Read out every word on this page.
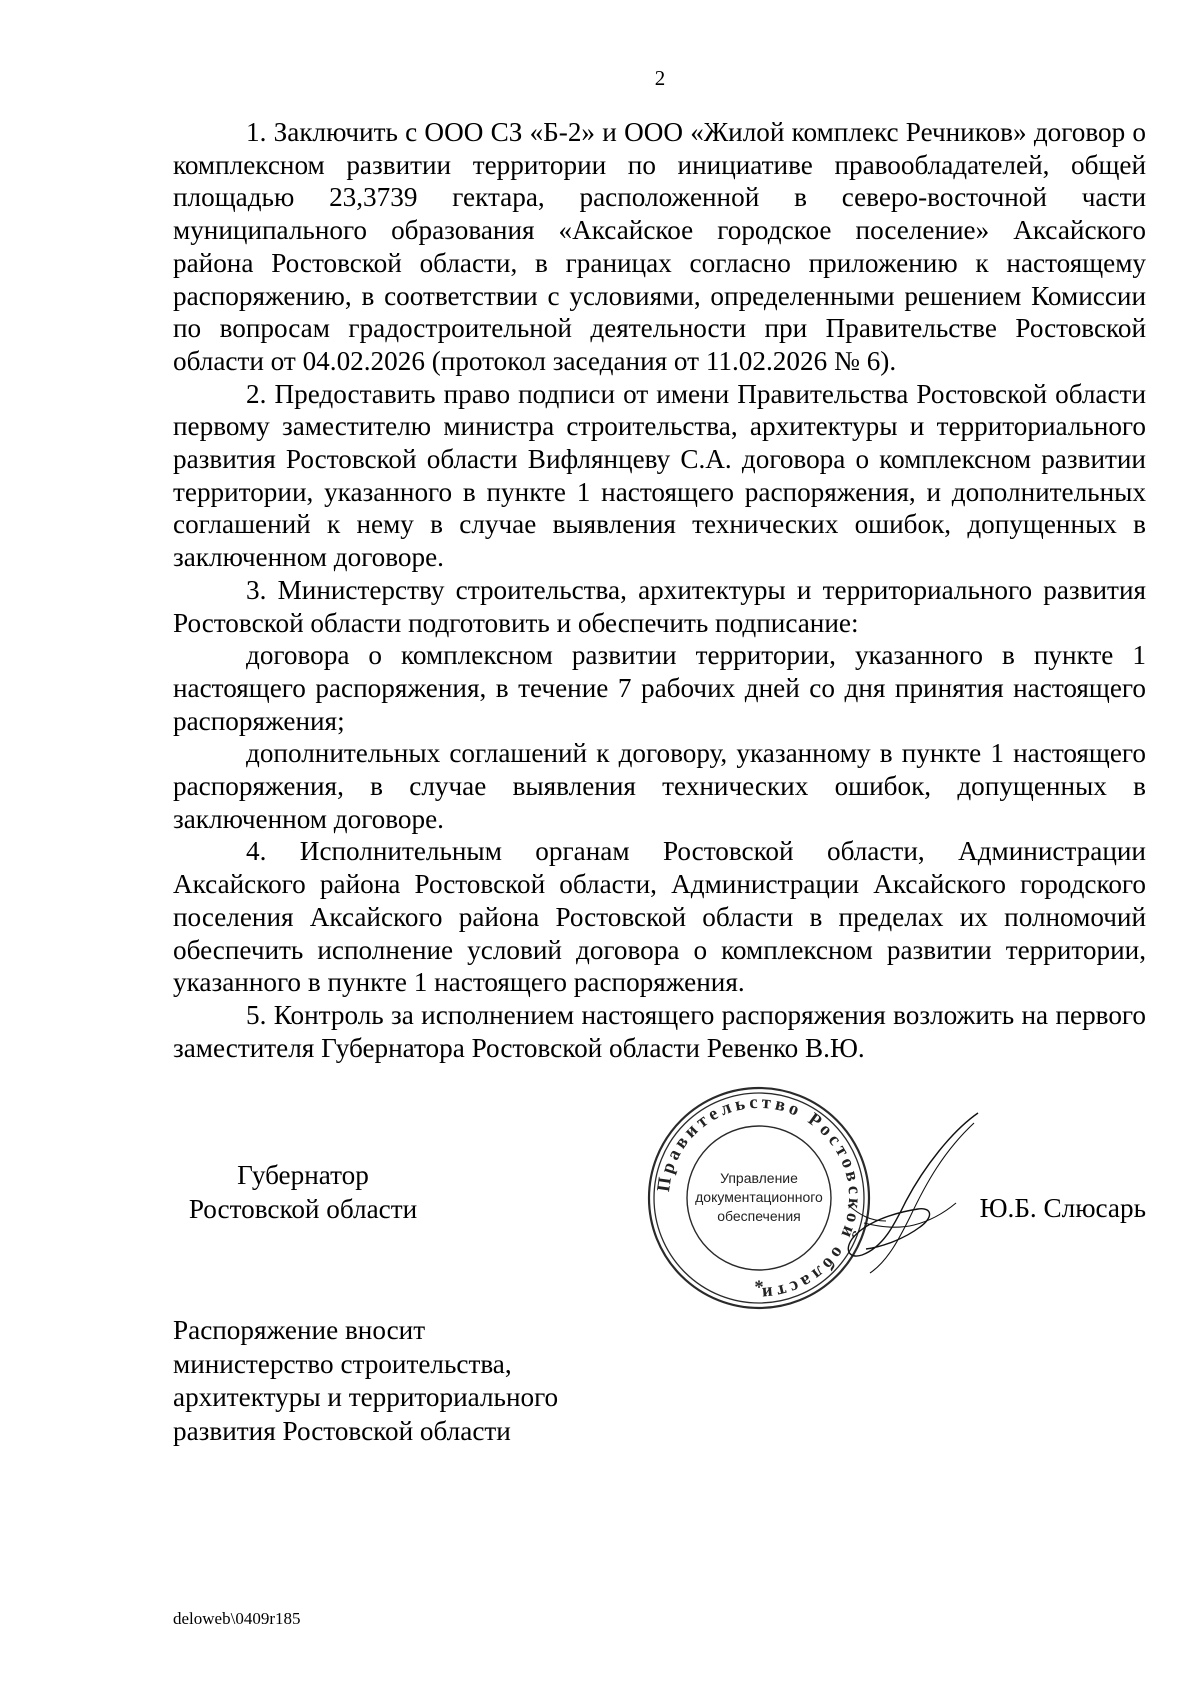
2

1. Заключить с ООО СЗ «Б-2» и ООО «Жилой комплекс Речников» договор о комплексном развитии территории по инициативе правообладателей, общей площадью 23,3739 гектара, расположенной в северо-восточной части муниципального образования «Аксайское городское поселение» Аксайского района Ростовской области, в границах согласно приложению к настоящему распоряжению, в соответствии с условиями, определенными решением Комиссии по вопросам градостроительной деятельности при Правительстве Ростовской области от 04.02.2026 (протокол заседания от 11.02.2026 № 6).

2. Предоставить право подписи от имени Правительства Ростовской области первому заместителю министра строительства, архитектуры и территориального развития Ростовской области Вифлянцеву С.А. договора о комплексном развитии территории, указанного в пункте 1 настоящего распоряжения, и дополнительных соглашений к нему в случае выявления технических ошибок, допущенных в заключенном договоре.

3. Министерству строительства, архитектуры и территориального развития Ростовской области подготовить и обеспечить подписание:

договора о комплексном развитии территории, указанного в пункте 1 настоящего распоряжения, в течение 7 рабочих дней со дня принятия настоящего распоряжения;

дополнительных соглашений к договору, указанному в пункте 1 настоящего распоряжения, в случае выявления технических ошибок, допущенных в заключенном договоре.

4. Исполнительным органам Ростовской области, Администрации Аксайского района Ростовской области, Администрации Аксайского городского поселения Аксайского района Ростовской области в пределах их полномочий обеспечить исполнение условий договора о комплексном развитии территории, указанного в пункте 1 настоящего распоряжения.

5. Контроль за исполнением настоящего распоряжения возложить на первого заместителя Губернатора Ростовской области Ревенко В.Ю.

Губернатор
Ростовской области
Правительство Ростовской области
Управление
документационного
обеспечения
*
Ю.Б. Слюсарь
Распоряжение вносит
министерство строительства,
архитектуры и территориального
развития Ростовской области
deloweb\0409r185
